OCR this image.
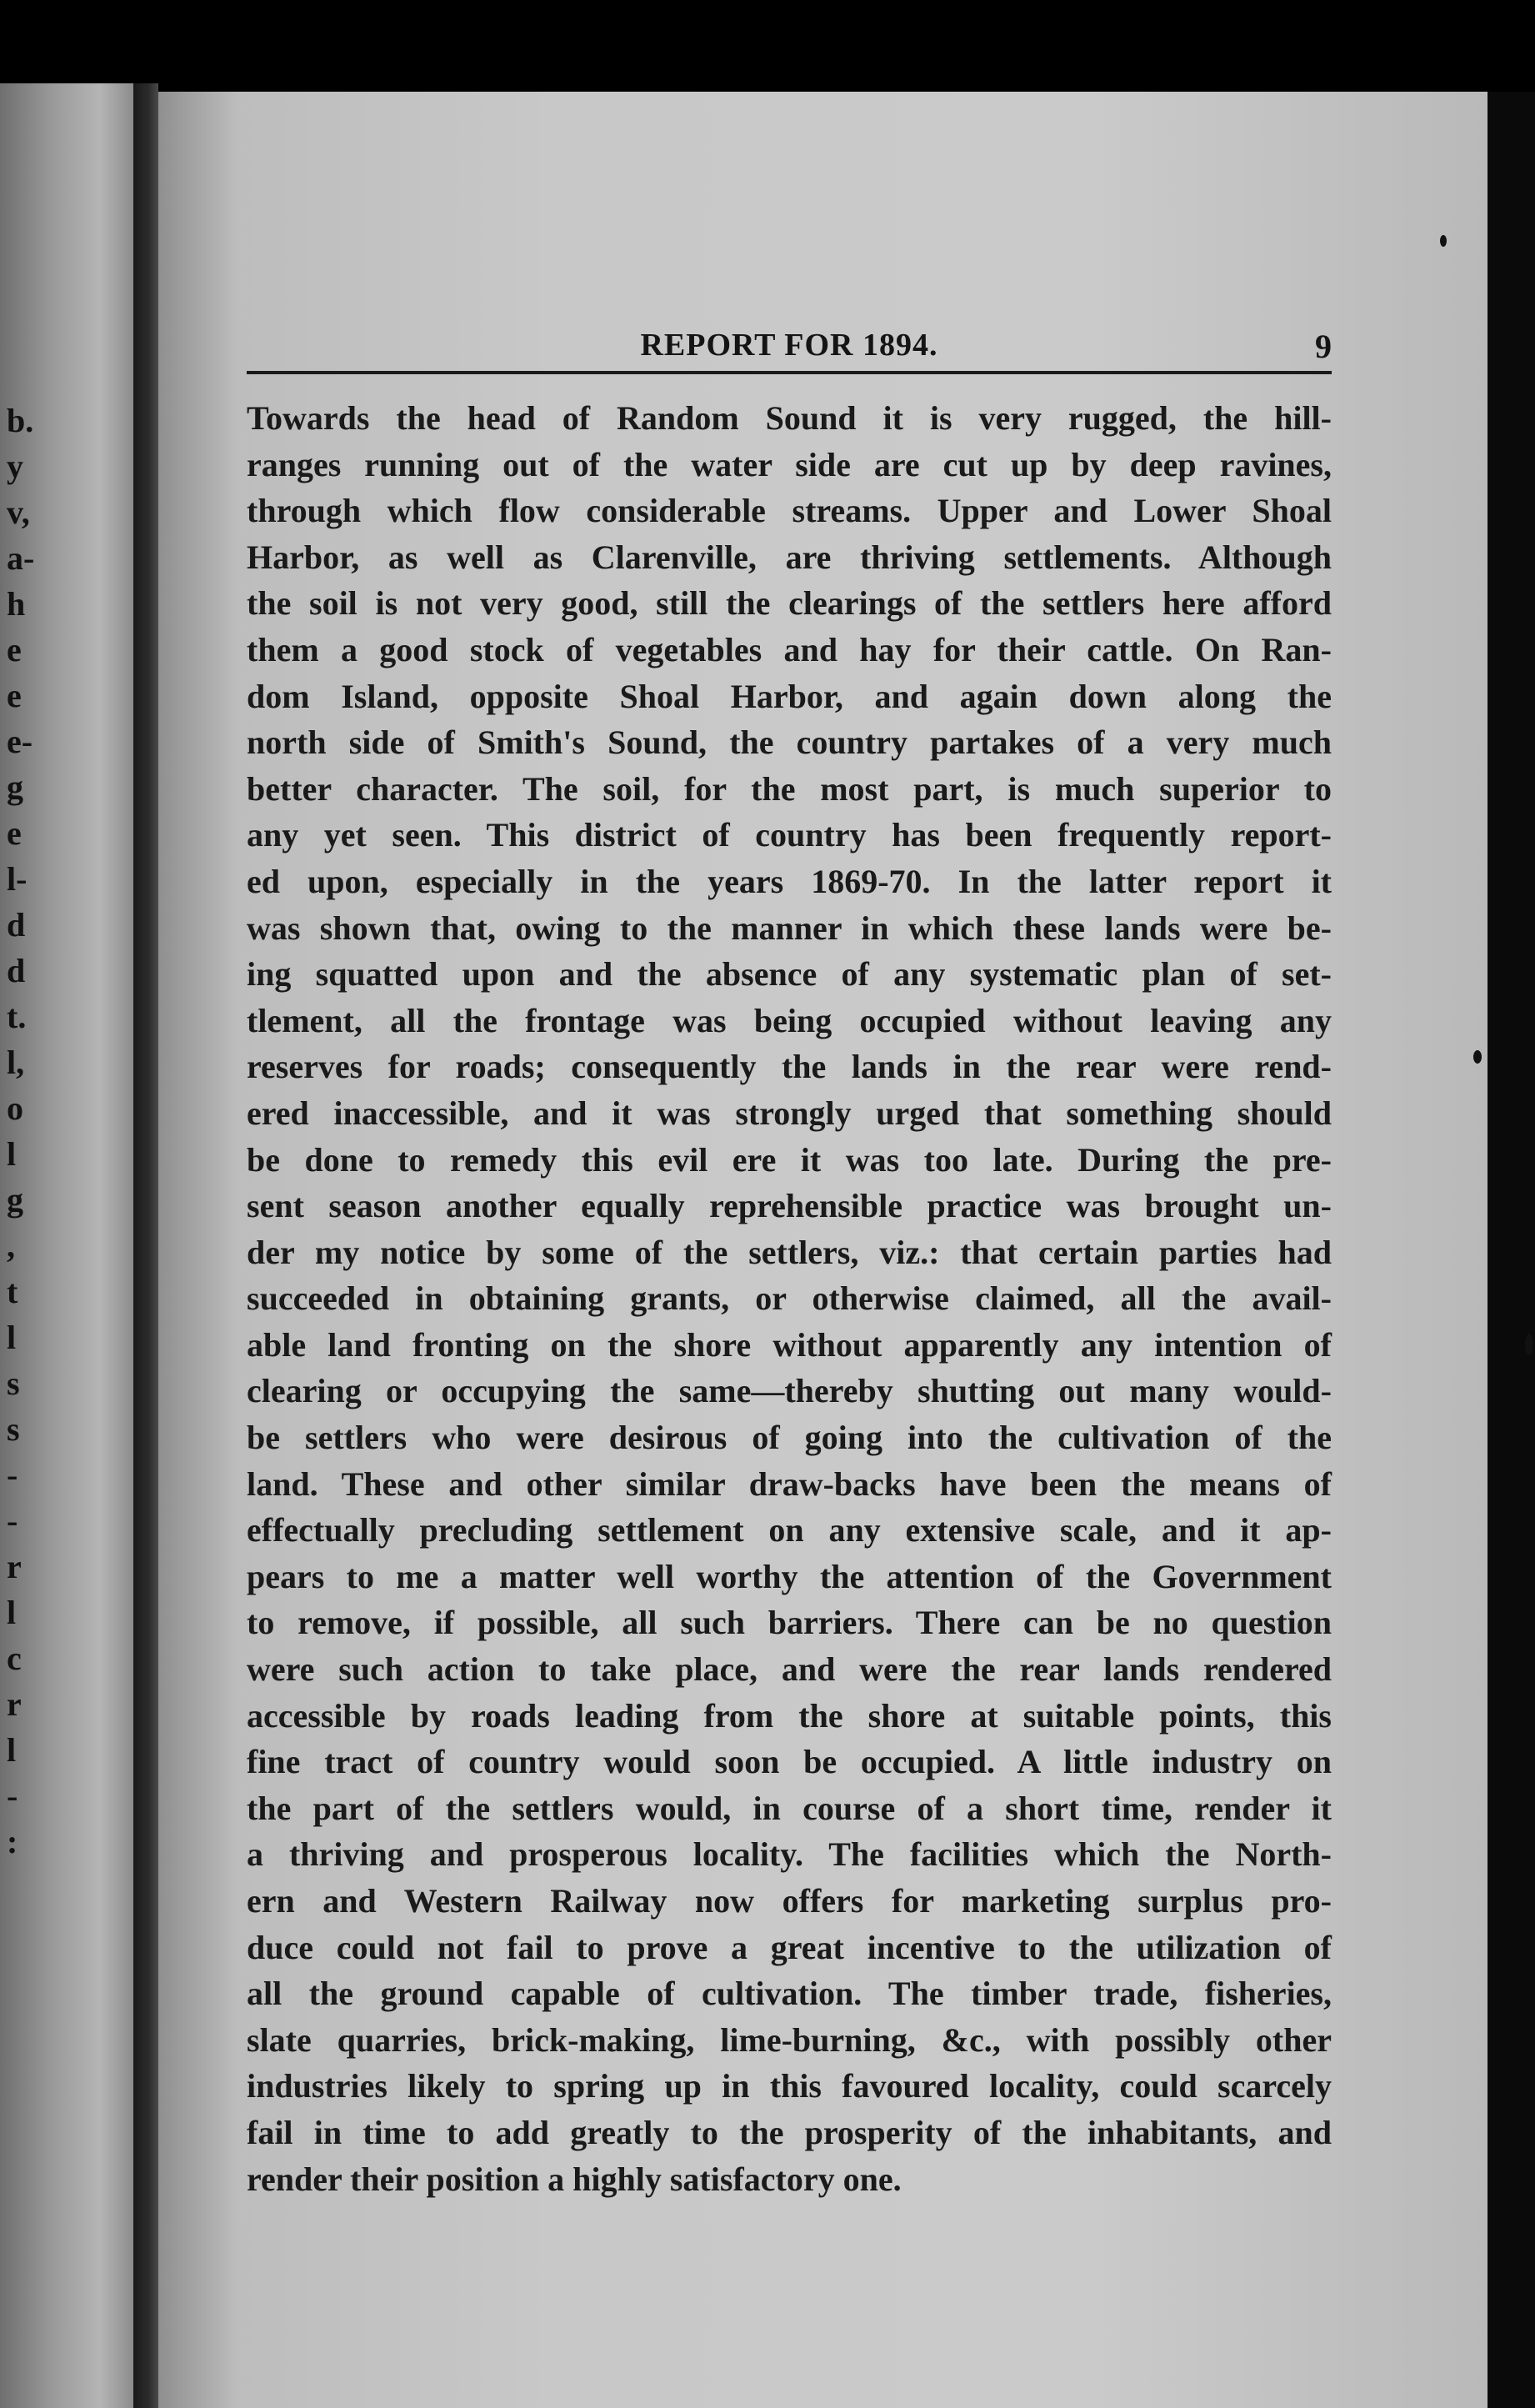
b.
y
v,
a-
h
e
e
e-
g
e
l-
d
d
t.
l,
o
l
g
,
t
l
s
s
-
-
r
l
c
r
l
-
:
REPORT FOR 1894.	9
Towards the head of Random Sound it is very rugged, the hill-
ranges running out of the water side are cut up by deep ravines,
through which flow considerable streams. Upper and Lower Shoal
Harbor, as well as Clarenville, are thriving settlements. Although
the soil is not very good, still the clearings of the settlers here afford
them a good stock of vegetables and hay for their cattle. On Ran-
dom Island, opposite Shoal Harbor, and again down along the
north side of Smith's Sound, the country partakes of a very much
better character. The soil, for the most part, is much superior to
any yet seen. This district of country has been frequently report-
ed upon, especially in the years 1869-70. In the latter report it
was shown that, owing to the manner in which these lands were be-
ing squatted upon and the absence of any systematic plan of set-
tlement, all the frontage was being occupied without leaving any
reserves for roads; consequently the lands in the rear were rend-
ered inaccessible, and it was strongly urged that something should
be done to remedy this evil ere it was too late. During the pre-
sent season another equally reprehensible practice was brought un-
der my notice by some of the settlers, viz.: that certain parties had
succeeded in obtaining grants, or otherwise claimed, all the avail-
able land fronting on the shore without apparently any intention of
clearing or occupying the same—thereby shutting out many would-
be settlers who were desirous of going into the cultivation of the
land. These and other similar draw-backs have been the means of
effectually precluding settlement on any extensive scale, and it ap-
pears to me a matter well worthy the attention of the Government
to remove, if possible, all such barriers. There can be no question
were such action to take place, and were the rear lands rendered
accessible by roads leading from the shore at suitable points, this
fine tract of country would soon be occupied. A little industry on
the part of the settlers would, in course of a short time, render it
a thriving and prosperous locality. The facilities which the North-
ern and Western Railway now offers for marketing surplus pro-
duce could not fail to prove a great incentive to the utilization of
all the ground capable of cultivation. The timber trade, fisheries,
slate quarries, brick-making, lime-burning, &c., with possibly other
industries likely to spring up in this favoured locality, could scarcely
fail in time to add greatly to the prosperity of the inhabitants, and
render their position a highly satisfactory one.
